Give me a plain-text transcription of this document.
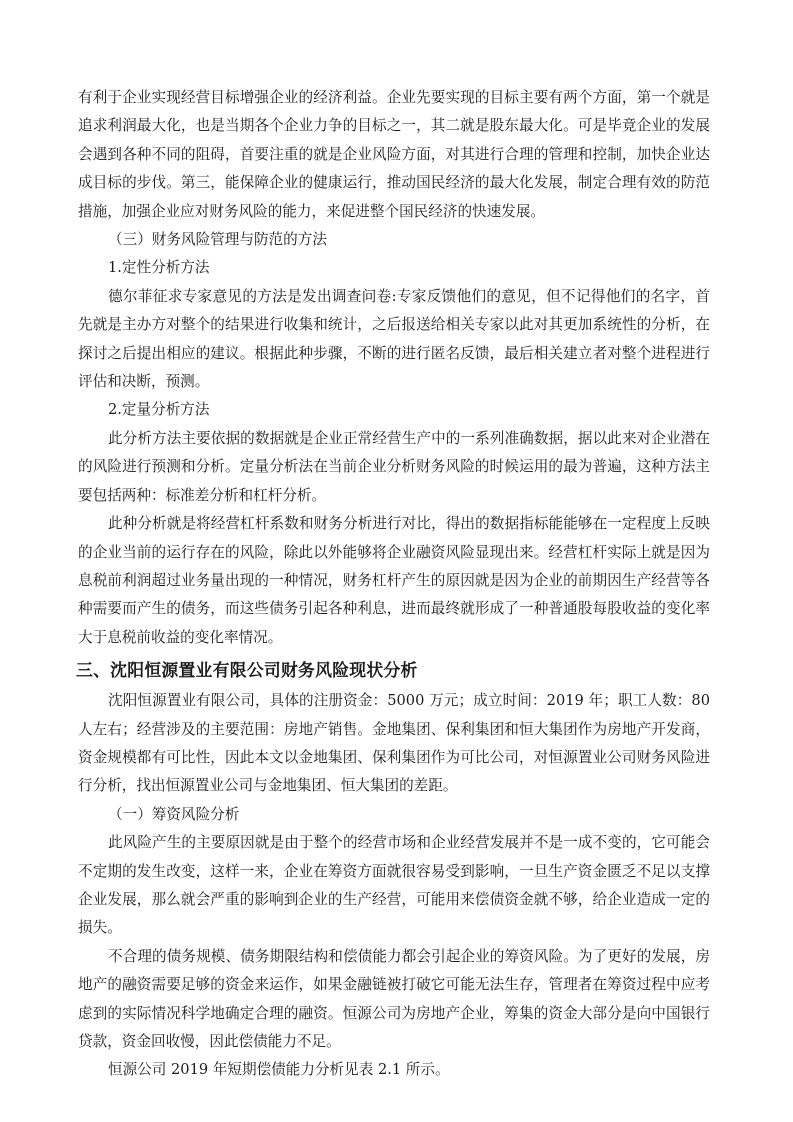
有利于企业实现经营目标增强企业的经济利益。企业先要实现的目标主要有两个方面，第一个就是追求利润最大化，也是当期各个企业力争的目标之一，其二就是股东最大化。可是毕竟企业的发展会遇到各种不同的阻碍，首要注重的就是企业风险方面，对其进行合理的管理和控制，加快企业达成目标的步伐。第三，能保障企业的健康运行，推动国民经济的最大化发展，制定合理有效的防范措施，加强企业应对财务风险的能力，来促进整个国民经济的快速发展。

（三）财务风险管理与防范的方法

1.定性分析方法

德尔菲征求专家意见的方法是发出调查问卷:专家反馈他们的意见，但不记得他们的名字，首先就是主办方对整个的结果进行收集和统计，之后报送给相关专家以此对其更加系统性的分析，在探讨之后提出相应的建议。根据此种步骤，不断的进行匿名反馈，最后相关建立者对整个进程进行评估和决断，预测。

2.定量分析方法

此分析方法主要依据的数据就是企业正常经营生产中的一系列准确数据，据以此来对企业潜在的风险进行预测和分析。定量分析法在当前企业分析财务风险的时候运用的最为普遍，这种方法主要包括两种：标准差分析和杠杆分析。

此种分析就是将经营杠杆系数和财务分析进行对比，得出的数据指标能能够在一定程度上反映的企业当前的运行存在的风险，除此以外能够将企业融资风险显现出来。经营杠杆实际上就是因为息税前利润超过业务量出现的一种情况，财务杠杆产生的原因就是因为企业的前期因生产经营等各种需要而产生的债务，而这些债务引起各种利息，进而最终就形成了一种普通股每股收益的变化率大于息税前收益的变化率情况。

三、沈阳恒源置业有限公司财务风险现状分析

沈阳恒源置业有限公司，具体的注册资金：5000 万元；成立时间：2019 年；职工人数：80 人左右；经营涉及的主要范围：房地产销售。金地集团、保利集团和恒大集团作为房地产开发商，资金规模都有可比性，因此本文以金地集团、保利集团作为可比公司，对恒源置业公司财务风险进行分析，找出恒源置业公司与金地集团、恒大集团的差距。

（一）筹资风险分析

此风险产生的主要原因就是由于整个的经营市场和企业经营发展并不是一成不变的，它可能会不定期的发生改变，这样一来，企业在筹资方面就很容易受到影响，一旦生产资金匮乏不足以支撑企业发展，那么就会严重的影响到企业的生产经营，可能用来偿债资金就不够，给企业造成一定的损失。

不合理的债务规模、债务期限结构和偿债能力都会引起企业的筹资风险。为了更好的发展，房地产的融资需要足够的资金来运作，如果金融链被打破它可能无法生存，管理者在筹资过程中应考虑到的实际情况科学地确定合理的融资。恒源公司为房地产企业，筹集的资金大部分是向中国银行贷款，资金回收慢，因此偿债能力不足。

恒源公司 2019 年短期偿债能力分析见表 2.1 所示。
